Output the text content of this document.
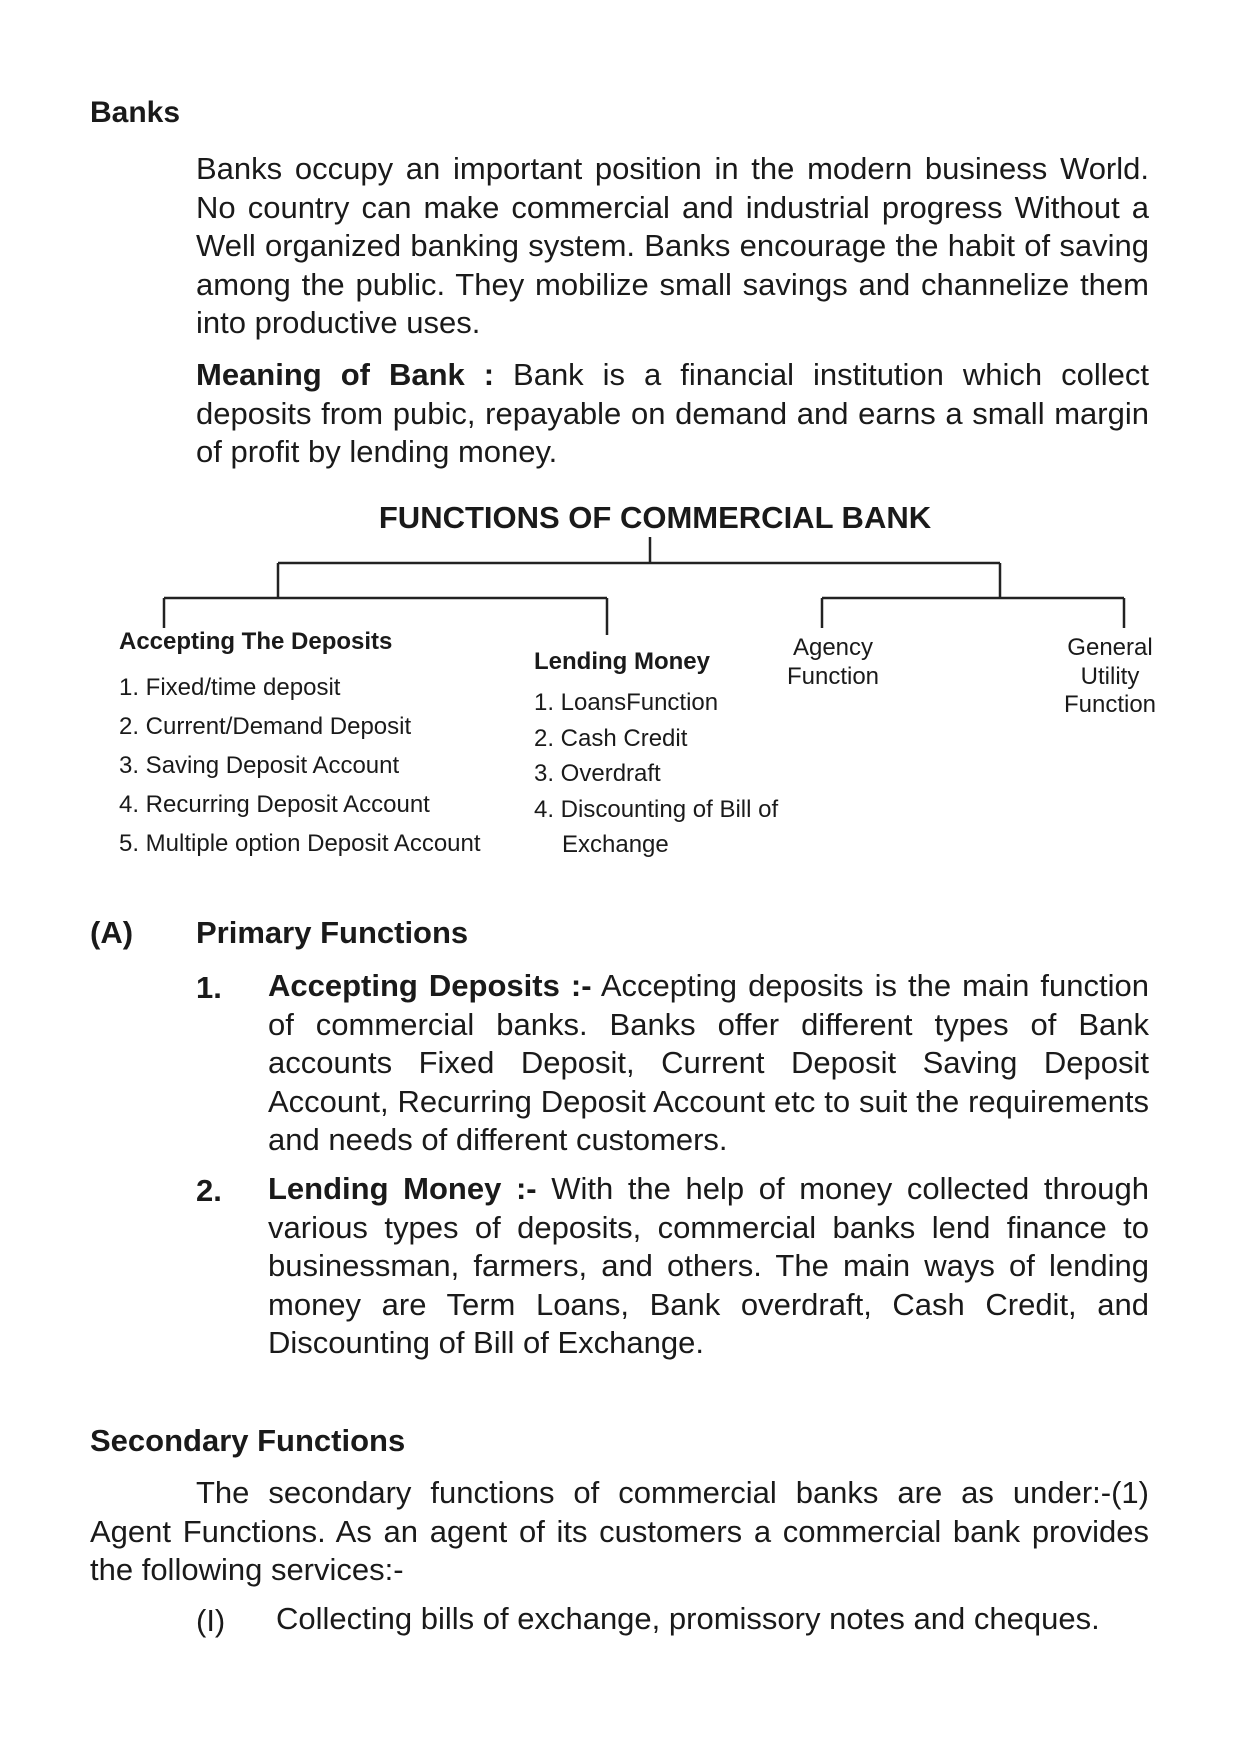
Banks
Banks occupy an important position in the modern business World. No country can make commercial and industrial progress Without a Well organized banking system. Banks encourage the habit of saving among the public. They mobilize small savings and channelize them into productive uses.
Meaning of Bank : Bank is a financial institution which collect deposits from pubic, repayable on demand and earns a small margin of profit by lending money.
FUNCTIONS OF COMMERCIAL BANK
Accepting The Deposits
1. Fixed/time deposit
2. Current/Demand Deposit
3. Saving Deposit Account
4. Recurring Deposit Account
5. Multiple option Deposit Account
Lending Money
1. LoansFunction
2. Cash Credit
3. Overdraft
4. Discounting of Bill of
Exchange
Agency
Function
General
Utility
Function
(A) Primary Functions
1. Accepting Deposits :- Accepting deposits is the main function of commercial banks. Banks offer different types of Bank accounts Fixed Deposit, Current Deposit Saving Deposit Account, Recurring Deposit Account etc to suit the requirements and needs of different customers.
2. Lending Money :- With the help of money collected through various types of deposits, commercial banks lend finance to businessman, farmers, and others. The main ways of lending money are Term Loans, Bank overdraft, Cash Credit, and Discounting of Bill of Exchange.
Secondary Functions
The secondary functions of commercial banks are as under:-(1) Agent Functions. As an agent of its customers a commercial bank provides the following services:-
(I) Collecting bills of exchange, promissory notes and cheques.
